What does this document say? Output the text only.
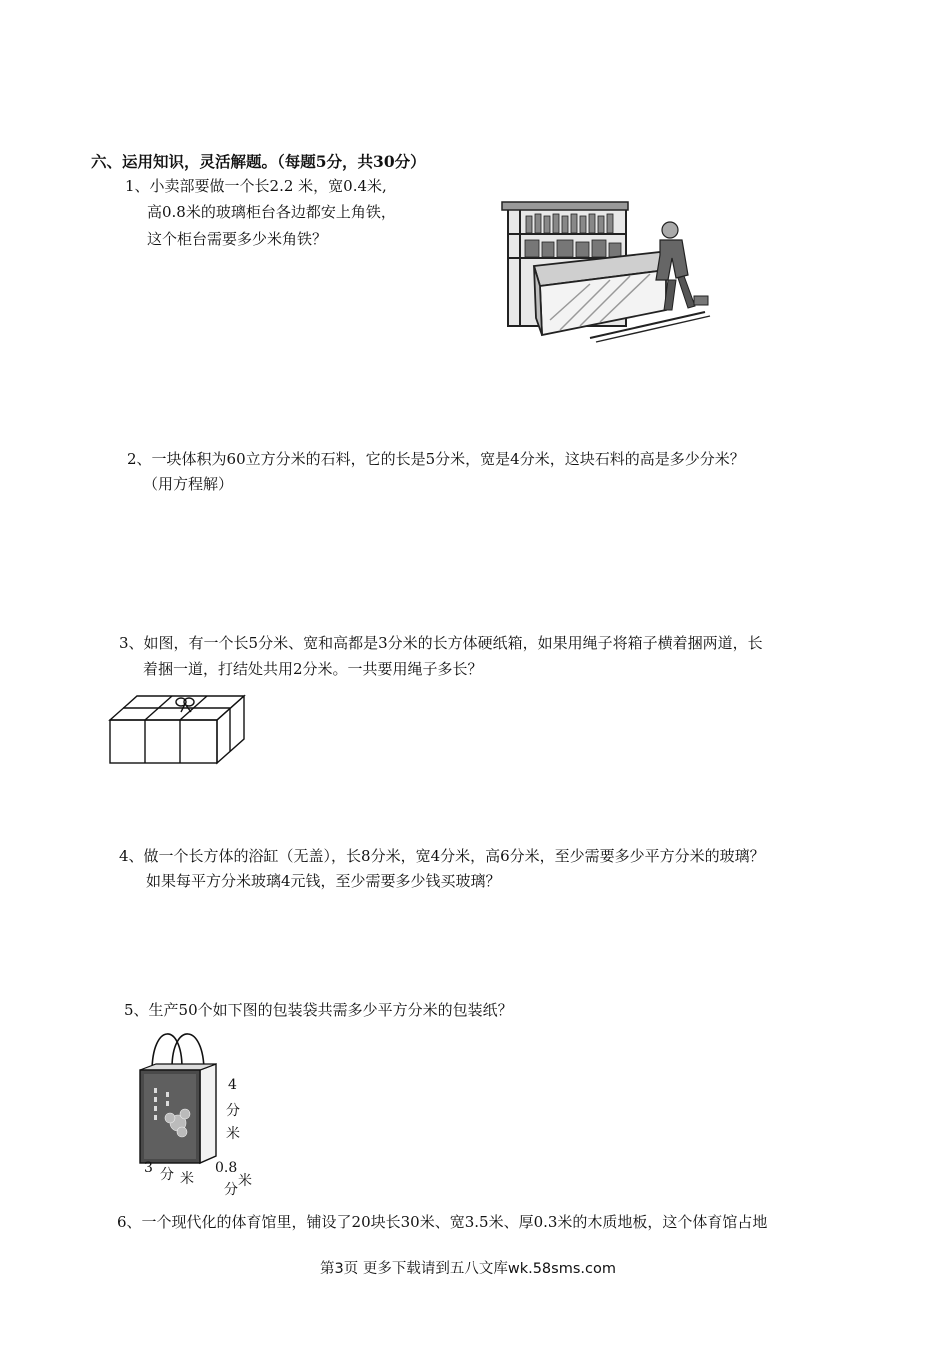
六、运用知识，灵活解题。（每题5分，共30分）
1、小卖部要做一个长2.2 米，宽0.4米,
高0.8米的玻璃柜台各边都安上角铁，
这个柜台需要多少米角铁？
2、一块体积为60立方分米的石料，它的长是5分米，宽是4分米，这块石料的高是多少分米？
（用方程解）
3、如图，有一个长5分米、宽和高都是3分米的长方体硬纸箱，如果用绳子将箱子横着捆两道，长
着捆一道，打结处共用2分米。一共要用绳子多长？
4、做一个长方体的浴缸（无盖），长8分米，宽4分米，高6分米，至少需要多少平方分米的玻璃？
如果每平方分米玻璃4元钱，至少需要多少钱买玻璃？
5、生产50个如下图的包装袋共需多少平方分米的包装纸？
4
分
米
3 分 米
0.8
分
米
6、一个现代化的体育馆里，铺设了20块长30米、宽3.5米、厚0.3米的木质地板，这个体育馆占地
第3页 更多下载请到五八文库wk.58sms.com
